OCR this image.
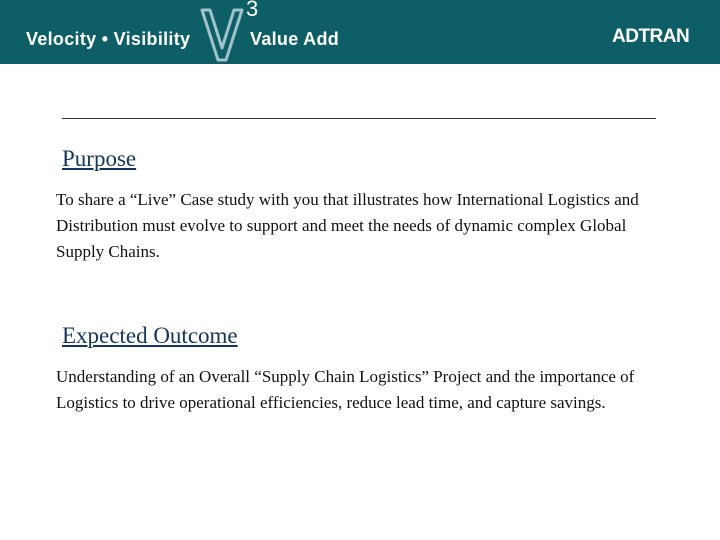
Velocity • Visibility
3
Value Add	ADTRAN
Purpose

To share a “Live” Case study with you that illustrates how International Logistics and Distribution must evolve to support and meet the needs of dynamic complex Global Supply Chains.

Expected Outcome

Understanding of an Overall “Supply Chain Logistics” Project and the importance of Logistics to drive operational efficiencies, reduce lead time, and capture savings.
